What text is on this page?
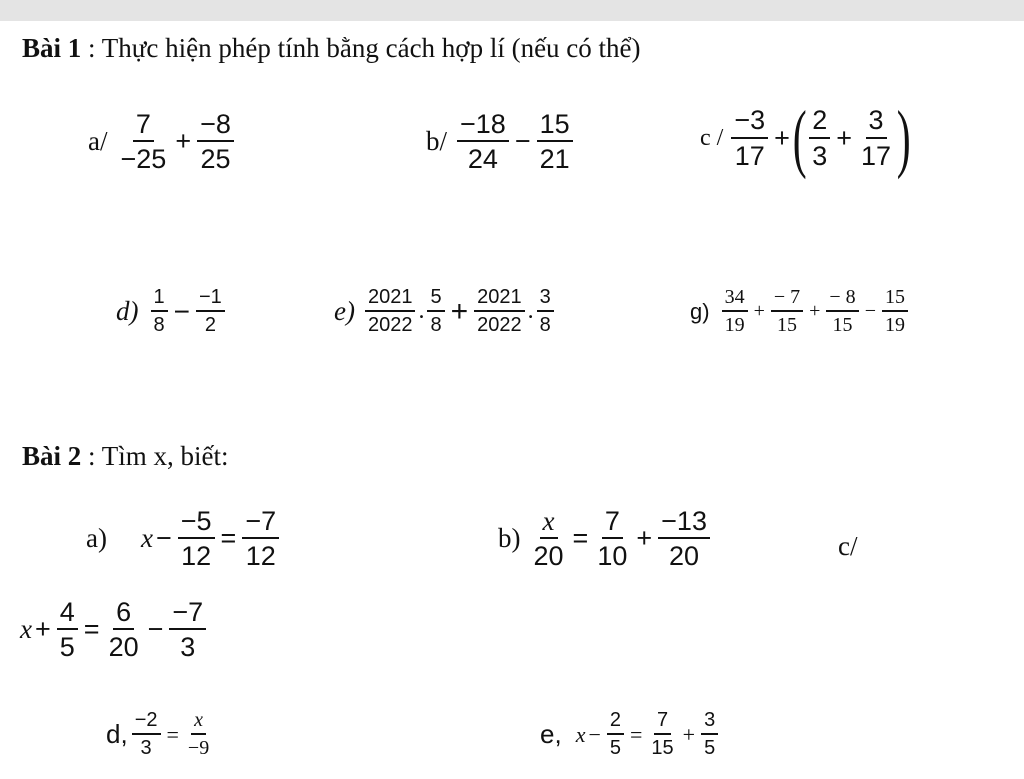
Bài 1 : Thực hiện phép tính bằng cách hợp lí (nếu có thể)
$a/ \frac{7}{-25} + \frac{-8}{25}$	$b/ \frac{-18}{24} - \frac{15}{21}$	c / $\frac{-3}{17}$ + ( $\frac{2}{3} + \frac{3}{17}$ )
$d) \frac{1}{8} - \frac{-1}{2}$	$e) \frac{2021}{2022}$ . $\frac{5}{8} + \frac{2021}{2022}$ . $\frac{3}{8}$	$g) \frac{34}{19} + \frac{- 7}{15} + \frac{- 8}{15} - \frac{15}{19}$
Bài 2 : Tìm x, biết:
a) $x - \frac{-5}{12} = \frac{-7}{12}$	$b) \frac{x}{20} = \frac{7}{10} + \frac{-13}{20}$	c/
$x + \frac{4}{5} = \frac{6}{20} - \frac{-7}{3}$
d, $\frac{-2}{3} = \frac{x}{-9}$	e, $x - \frac{2}{5} = \frac{7}{15} + \frac{3}{5}$
